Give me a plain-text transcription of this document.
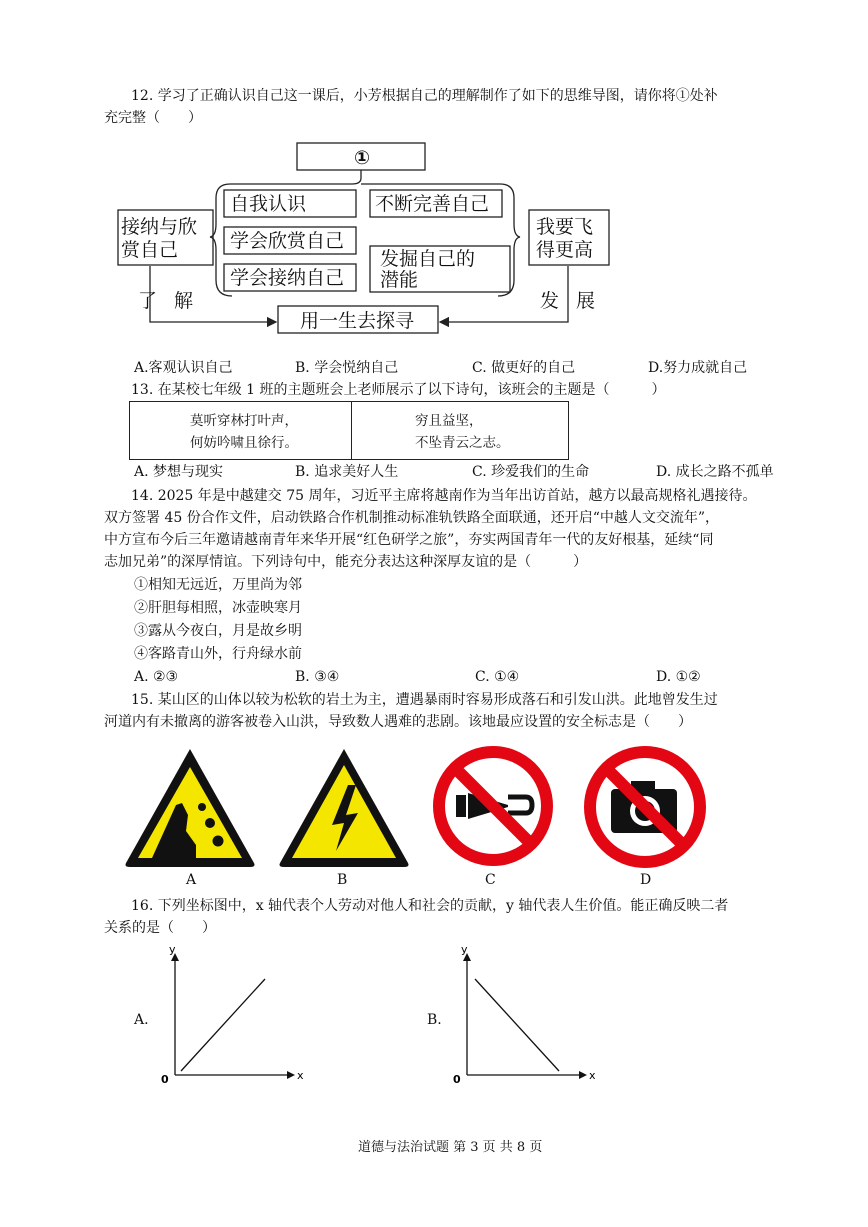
12. 学习了正确认识自己这一课后，小芳根据自己的理解制作了如下的思维导图，请你将①处补
充完整（　　）
①
接纳与欣赏自己
我要飞得更高
自我认识	不断完善自己
学会欣赏自己
发掘自己的
潜能
学会接纳自己
了 解	发 展
用一生去探寻
A.客观认识自己	B. 学会悦纳自己	C. 做更好的自己	D.努力成就自己
13. 在某校七年级 1 班的主题班会上老师展示了以下诗句，该班会的主题是（　　　）
莫听穿林打叶声，
何妨吟啸且徐行。
穷且益坚，
不坠青云之志。
A. 梦想与现实	B. 追求美好人生	C. 珍爱我们的生命	D. 成长之路不孤单
14. 2025 年是中越建交 75 周年，习近平主席将越南作为当年出访首站，越方以最高规格礼遇接待。
双方签署 45 份合作文件，启动铁路合作机制推动标准轨铁路全面联通，还开启“中越人文交流年”，
中方宣布今后三年邀请越南青年来华开展“红色研学之旅”，夯实两国青年一代的友好根基，延续“同
志加兄弟”的深厚情谊。下列诗句中，能充分表达这种深厚友谊的是（　　　）
①相知无远近，万里尚为邻
②肝胆每相照，冰壶映寒月
③露从今夜白，月是故乡明
④客路青山外，行舟绿水前
A. ②③	B. ③④	C. ①④	D. ①②
15. 某山区的山体以较为松软的岩土为主，遭遇暴雨时容易形成落石和引发山洪。此地曾发生过
河道内有未撤离的游客被卷入山洪，导致数人遇难的悲剧。该地最应设置的安全标志是（　　）
A	B	C	D
16. 下列坐标图中，x 轴代表个人劳动对他人和社会的贡献，y 轴代表人生价值。能正确反映二者
关系的是（　　）
A.
y
x
0
B.
y
x
0
道德与法治试题 第 3 页 共 8 页
